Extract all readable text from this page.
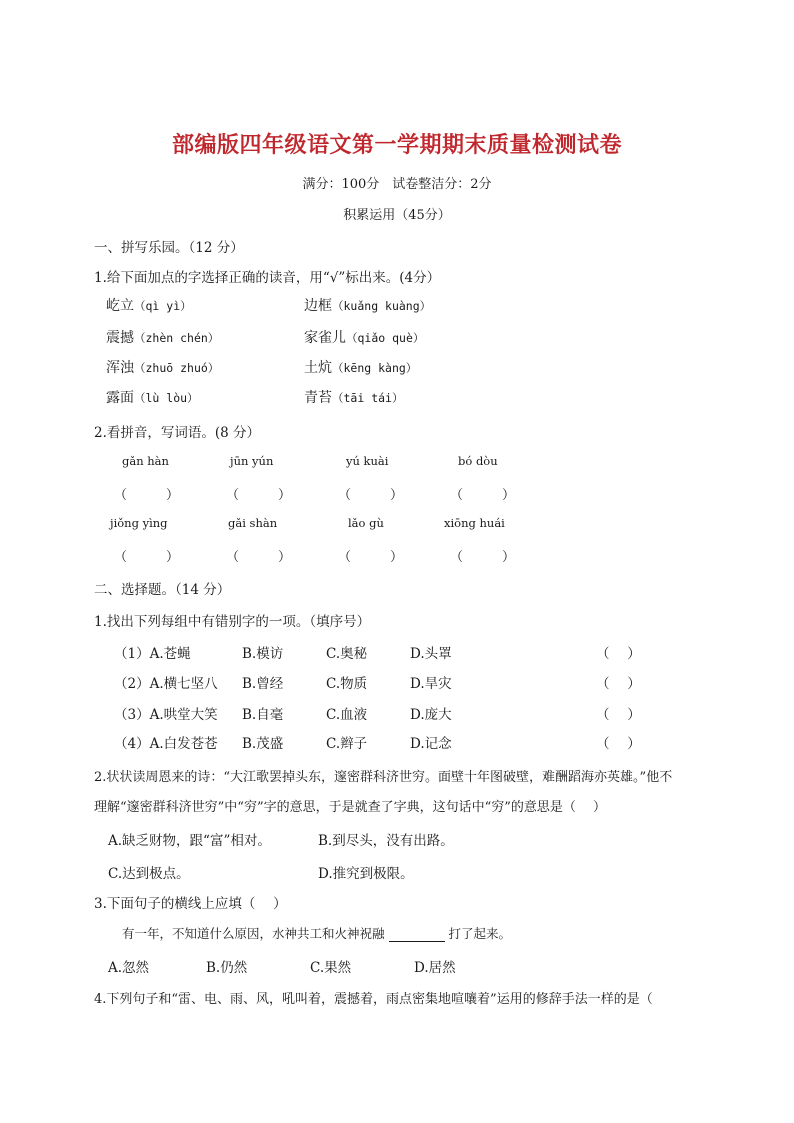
部编版四年级语文第一学期期末质量检测试卷
满分：100分　试卷整洁分：2分
积累运用（45分）
一、拼写乐园。（12 分）
1.给下面加点的字选择正确的读音，用“√”标出来。(4分）
屹立（qì yì）	边框（kuǎng kuàng）
震撼（zhèn chén）	家雀儿（qiǎo què）
浑浊（zhuō zhuó）	土炕（kēng kàng）
露面（lù lòu）	青苔（tāi tái）
2.看拼音，写词语。(8 分）
gǎn hàn	jūn yún	yú kuài	bó dòu
（　　　）	（　　　）	（　　　）	（　　　）
jiǒng yìng	gǎi shàn	lǎo gù	xiōng huái
（　　　）	（　　　）	（　　　）	（　　　）
二、选择题。（14 分）
1.找出下列每组中有错别字的一项。（填序号）
（1）A.苍蝇	B.模访	C.奥秘	D.头罩	（　 ）
（2）A.横七坚八 B.曾经	C.物质	D.旱灾	（　 ）
（3）A.哄堂大笑 B.自毫	C.血液	D.庞大	（　 ）
（4）A.白发苍苍 B.茂盛	C.辫子	D.记念	（　 ）
2.状状读周恩来的诗：“大江歌罢掉头东，邃密群科济世穷。面壁十年图破壁，难酬蹈海亦英雄。”他不
理解“邃密群科济世穷”中“穷”字的意思，于是就查了字典，这句话中“穷”的意思是（　 ）
A.缺乏财物，跟“富”相对。	B.到尽头，没有出路。
C.达到极点。	D.推究到极限。
3.下面句子的横线上应填（　 ）
有一年，不知道什么原因，水神共工和火神祝融	打了起来。
A.忽然	B.仍然	C.果然	D.居然
4.下列句子和“雷、电、雨、风，吼叫着，震撼着，雨点密集地喧嚷着”运用的修辞手法一样的是（
